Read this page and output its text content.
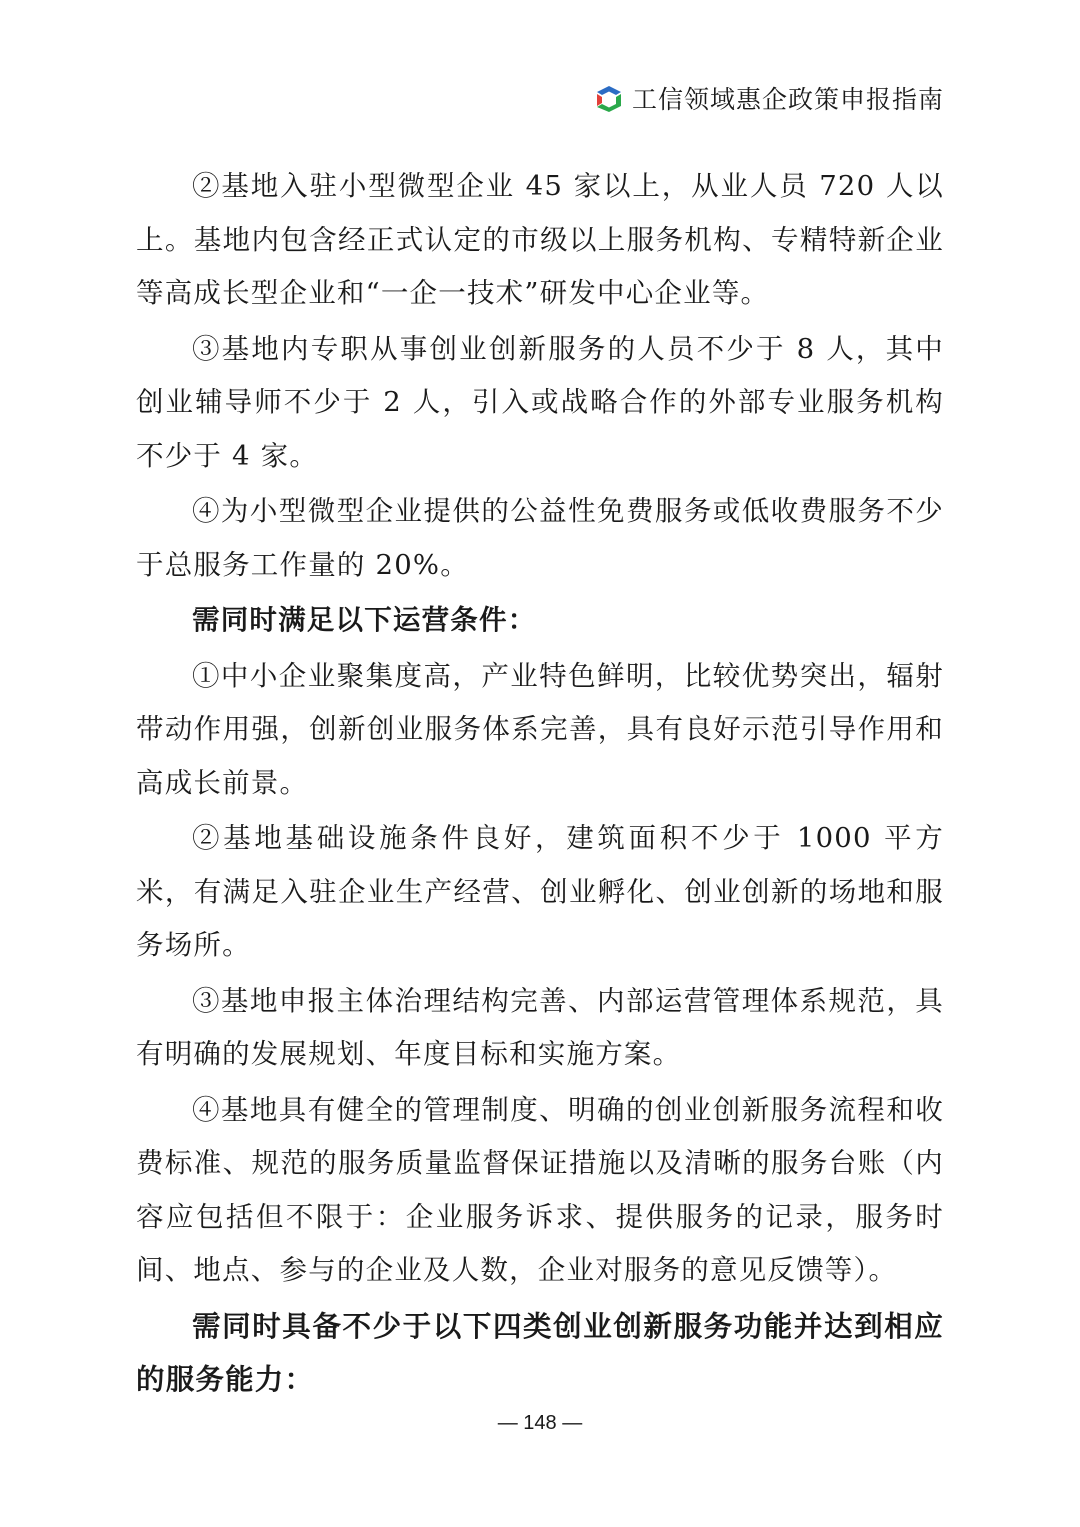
工信领域惠企政策申报指南

②基地入驻小型微型企业 45 家以上，从业人员 720 人以上。基地内包含经正式认定的市级以上服务机构、专精特新企业等高成长型企业和“一企一技术”研发中心企业等。

③基地内专职从事创业创新服务的人员不少于 8 人，其中创业辅导师不少于 2 人，引入或战略合作的外部专业服务机构不少于 4 家。

④为小型微型企业提供的公益性免费服务或低收费服务不少于总服务工作量的 20%。

需同时满足以下运营条件：

①中小企业聚集度高，产业特色鲜明，比较优势突出，辐射带动作用强，创新创业服务体系完善，具有良好示范引导作用和高成长前景。

②基地基础设施条件良好，建筑面积不少于 1000 平方米，有满足入驻企业生产经营、创业孵化、创业创新的场地和服务场所。

③基地申报主体治理结构完善、内部运营管理体系规范，具有明确的发展规划、年度目标和实施方案。

④基地具有健全的管理制度、明确的创业创新服务流程和收费标准、规范的服务质量监督保证措施以及清晰的服务台账（内容应包括但不限于：企业服务诉求、提供服务的记录，服务时间、地点、参与的企业及人数，企业对服务的意见反馈等）。

需同时具备不少于以下四类创业创新服务功能并达到相应的服务能力：

— 148 —
